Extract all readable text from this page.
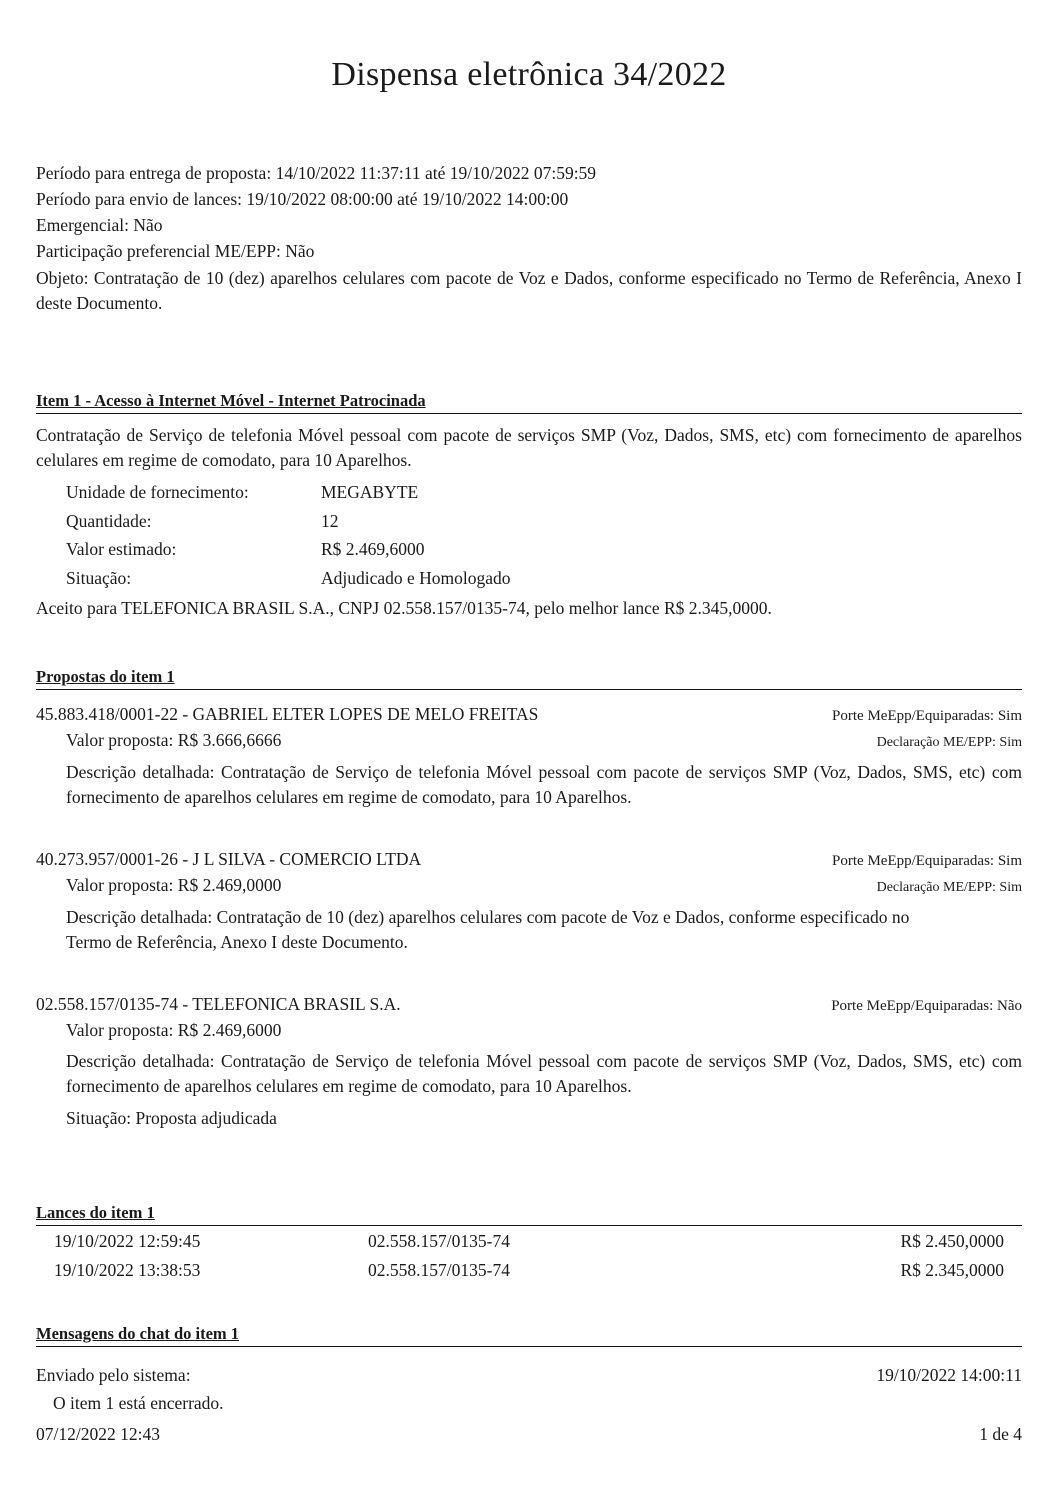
Dispensa eletrônica 34/2022
Período para entrega de proposta: 14/10/2022 11:37:11 até 19/10/2022 07:59:59
Período para envio de lances: 19/10/2022 08:00:00 até 19/10/2022 14:00:00
Emergencial: Não
Participação preferencial ME/EPP: Não
Objeto: Contratação de 10 (dez) aparelhos celulares com pacote de Voz e Dados, conforme especificado no Termo de Referência, Anexo I deste Documento.
Item 1 - Acesso à Internet Móvel - Internet Patrocinada
Contratação de Serviço de telefonia Móvel pessoal com pacote de serviços SMP (Voz, Dados, SMS, etc) com fornecimento de aparelhos celulares em regime de comodato, para 10 Aparelhos.
Unidade de fornecimento:	MEGABYTE
Quantidade:	12
Valor estimado:	R$ 2.469,6000
Situação:	Adjudicado e Homologado
Aceito para TELEFONICA BRASIL S.A., CNPJ 02.558.157/0135-74, pelo melhor lance R$ 2.345,0000.
Propostas do item 1
45.883.418/0001-22 - GABRIEL ELTER LOPES DE MELO FREITAS	Porte MeEpp/Equiparadas: Sim
Valor proposta: R$ 3.666,6666	Declaração ME/EPP: Sim
Descrição detalhada: Contratação de Serviço de telefonia Móvel pessoal com pacote de serviços SMP (Voz, Dados, SMS, etc) com fornecimento de aparelhos celulares em regime de comodato, para 10 Aparelhos.
40.273.957/0001-26 - J L SILVA - COMERCIO LTDA	Porte MeEpp/Equiparadas: Sim
Valor proposta: R$ 2.469,0000	Declaração ME/EPP: Sim
Descrição detalhada: Contratação de 10 (dez) aparelhos celulares com pacote de Voz e Dados, conforme especificado no Termo de Referência, Anexo I deste Documento.
02.558.157/0135-74 - TELEFONICA BRASIL S.A.	Porte MeEpp/Equiparadas: Não
Valor proposta: R$ 2.469,6000
Descrição detalhada: Contratação de Serviço de telefonia Móvel pessoal com pacote de serviços SMP (Voz, Dados, SMS, etc) com fornecimento de aparelhos celulares em regime de comodato, para 10 Aparelhos.
Situação: Proposta adjudicada
Lances do item 1
19/10/2022 12:59:45	02.558.157/0135-74	R$ 2.450,0000
19/10/2022 13:38:53	02.558.157/0135-74	R$ 2.345,0000
Mensagens do chat do item 1
Enviado pelo sistema:	19/10/2022 14:00:11
O item 1 está encerrado.
07/12/2022 12:43	1 de 4
